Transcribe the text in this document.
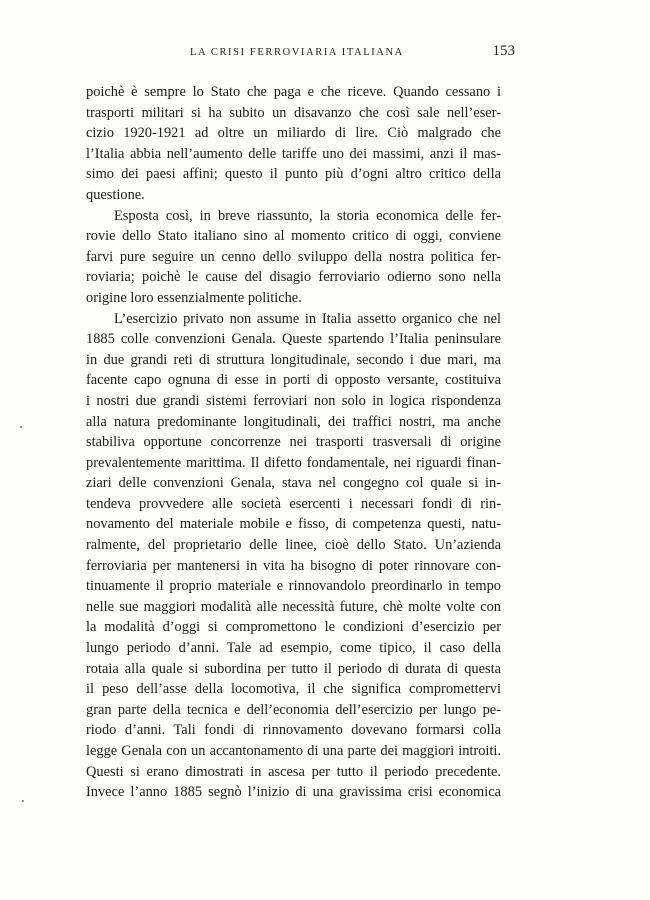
LA CRISI FERROVIARIA ITALIANA	153
poichè è sempre lo Stato che paga e che riceve. Quando cessano i
trasporti militari si ha subito un disavanzo che così sale nell’eser-
cizio 1920-1921 ad oltre un miliardo di lire. Ciò malgrado che
l’Italia abbia nell’aumento delle tariffe uno dei massimi, anzi il mas-
simo dei paesi affini; questo il punto più d’ogni altro critico della
questione.
Esposta così, in breve riassunto, la storia economica delle fer-
rovie dello Stato italiano sino al momento critico di oggi, conviene
farvi pure seguire un cenno dello sviluppo della nostra politica fer-
roviaria; poichè le cause del disagio ferroviario odierno sono nella
origine loro essenzialmente politiche.
L’esercizio privato non assume in Italia assetto organico che nel
1885 colle convenzioni Genala. Queste spartendo l’Italia peninsulare
in due grandi reti di struttura longitudinale, secondo i due mari, ma
facente capo ognuna di esse in porti di opposto versante, costituiva
i nostri due grandi sistemi ferroviari non solo in logica rispondenza
alla natura predominante longitudinali, dei traffici nostri, ma anche
stabiliva opportune concorrenze nei trasporti trasversali di origine
prevalentemente marittima. Il difetto fondamentale, nei riguardi finan-
ziari delle convenzioni Genala, stava nel congegno col quale si in-
tendeva provvedere alle società esercenti i necessari fondi di rin-
novamento del materiale mobile e fisso, di competenza questi, natu-
ralmente, del proprietario delle linee, cioè dello Stato. Un’azienda
ferroviaria per mantenersi in vita ha bisogno di poter rinnovare con-
tinuamente il proprio materiale e rinnovandolo preordinarlo in tempo
nelle sue maggiori modalità alle necessità future, chè molte volte con
la modalità d’oggi si compromettono le condizioni d’esercizio per
lungo periodo d’anni. Tale ad esempio, come tipico, il caso della
rotaia alla quale si subordina per tutto il periodo di durata di questa
il peso dell’asse della locomotiva, il che significa compromettervi
gran parte della tecnica e dell’economia dell’esercizio per lungo pe-
riodo d’anni. Tali fondi di rinnovamento dovevano formarsi colla
legge Genala con un accantonamento di una parte dei maggiori introiti.
Questi si erano dimostrati in ascesa per tutto il periodo precedente.
Invece l’anno 1885 segnò l’inizio di una gravissima crisi economica
